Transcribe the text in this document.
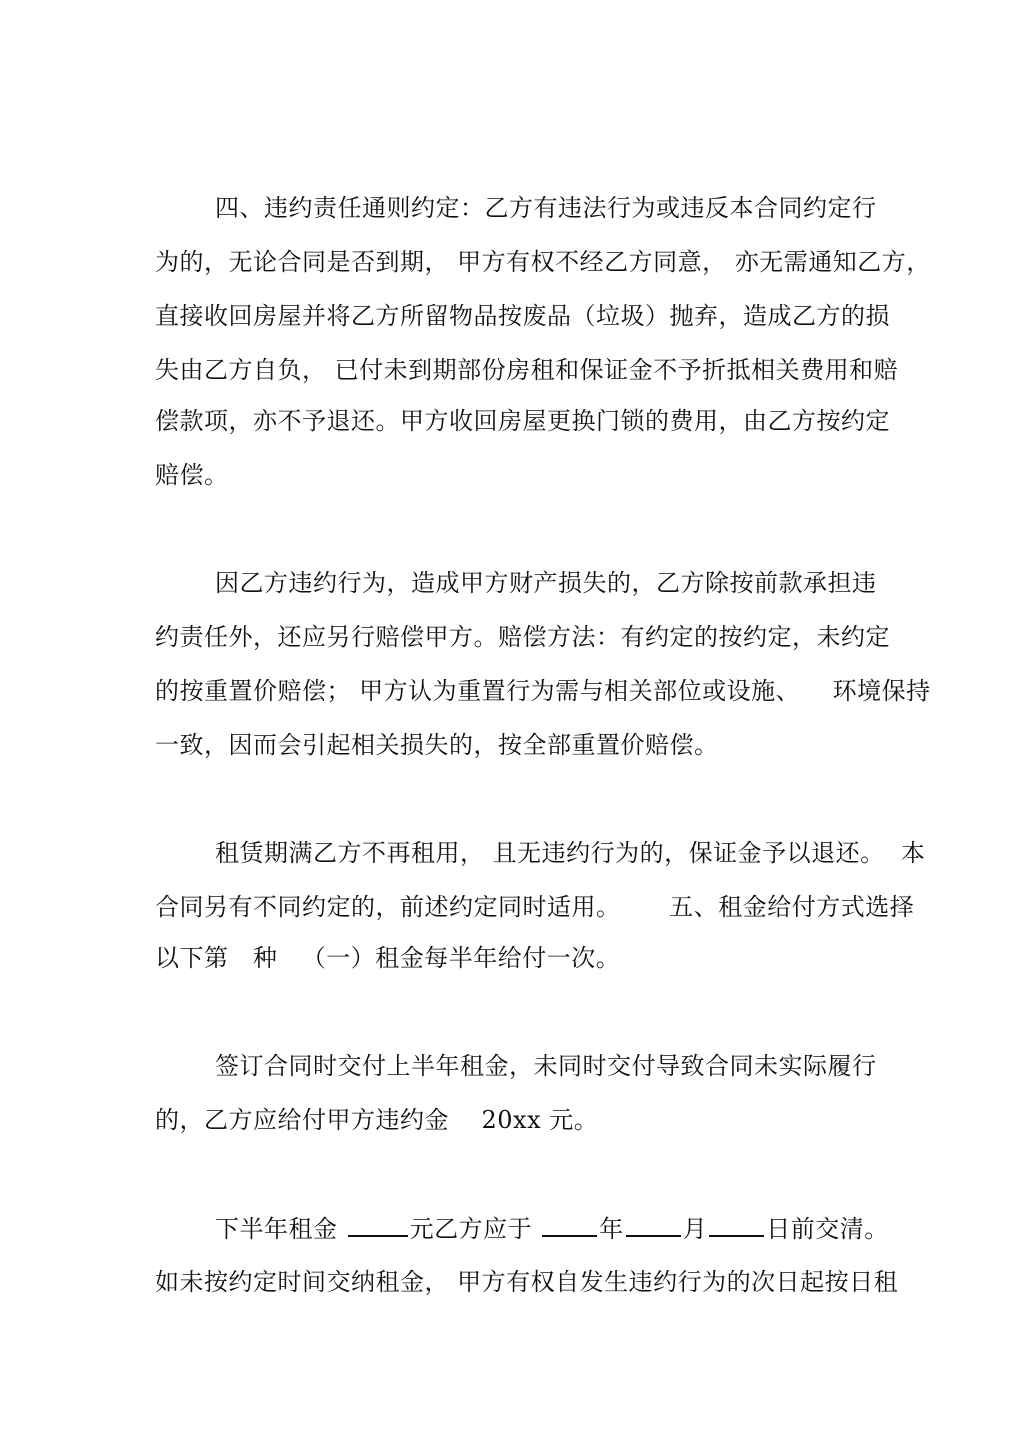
四、违约责任通则约定：乙方有违法行为或违反本合同约定行
为的，无论合同是否到期， 甲方有权不经乙方同意， 亦无需通知乙方，
直接收回房屋并将乙方所留物品按废品（垃圾）抛弃，造成乙方的损
失由乙方自负， 已付未到期部份房租和保证金不予折抵相关费用和赔
偿款项，亦不予退还。甲方收回房屋更换门锁的费用，由乙方按约定
赔偿。
因乙方违约行为，造成甲方财产损失的，乙方除按前款承担违
约责任外，还应另行赔偿甲方。赔偿方法：有约定的按约定，未约定
的按重置价赔偿； 甲方认为重置行为需与相关部位或设施、    环境保持
一致，因而会引起相关损失的，按全部重置价赔偿。
租赁期满乙方不再租用， 且无违约行为的，保证金予以退还。  本
合同另有不同约定的，前述约定同时适用。      五、租金给付方式选择
以下第   种   （一）租金每半年给付一次。
签订合同时交付上半年租金，未同时交付导致合同未实际履行
的，乙方应给付甲方违约金    20xx 元。
下半年租金	元乙方应于 年 月 日前交清。
如未按约定时间交纳租金， 甲方有权自发生违约行为的次日起按日租
